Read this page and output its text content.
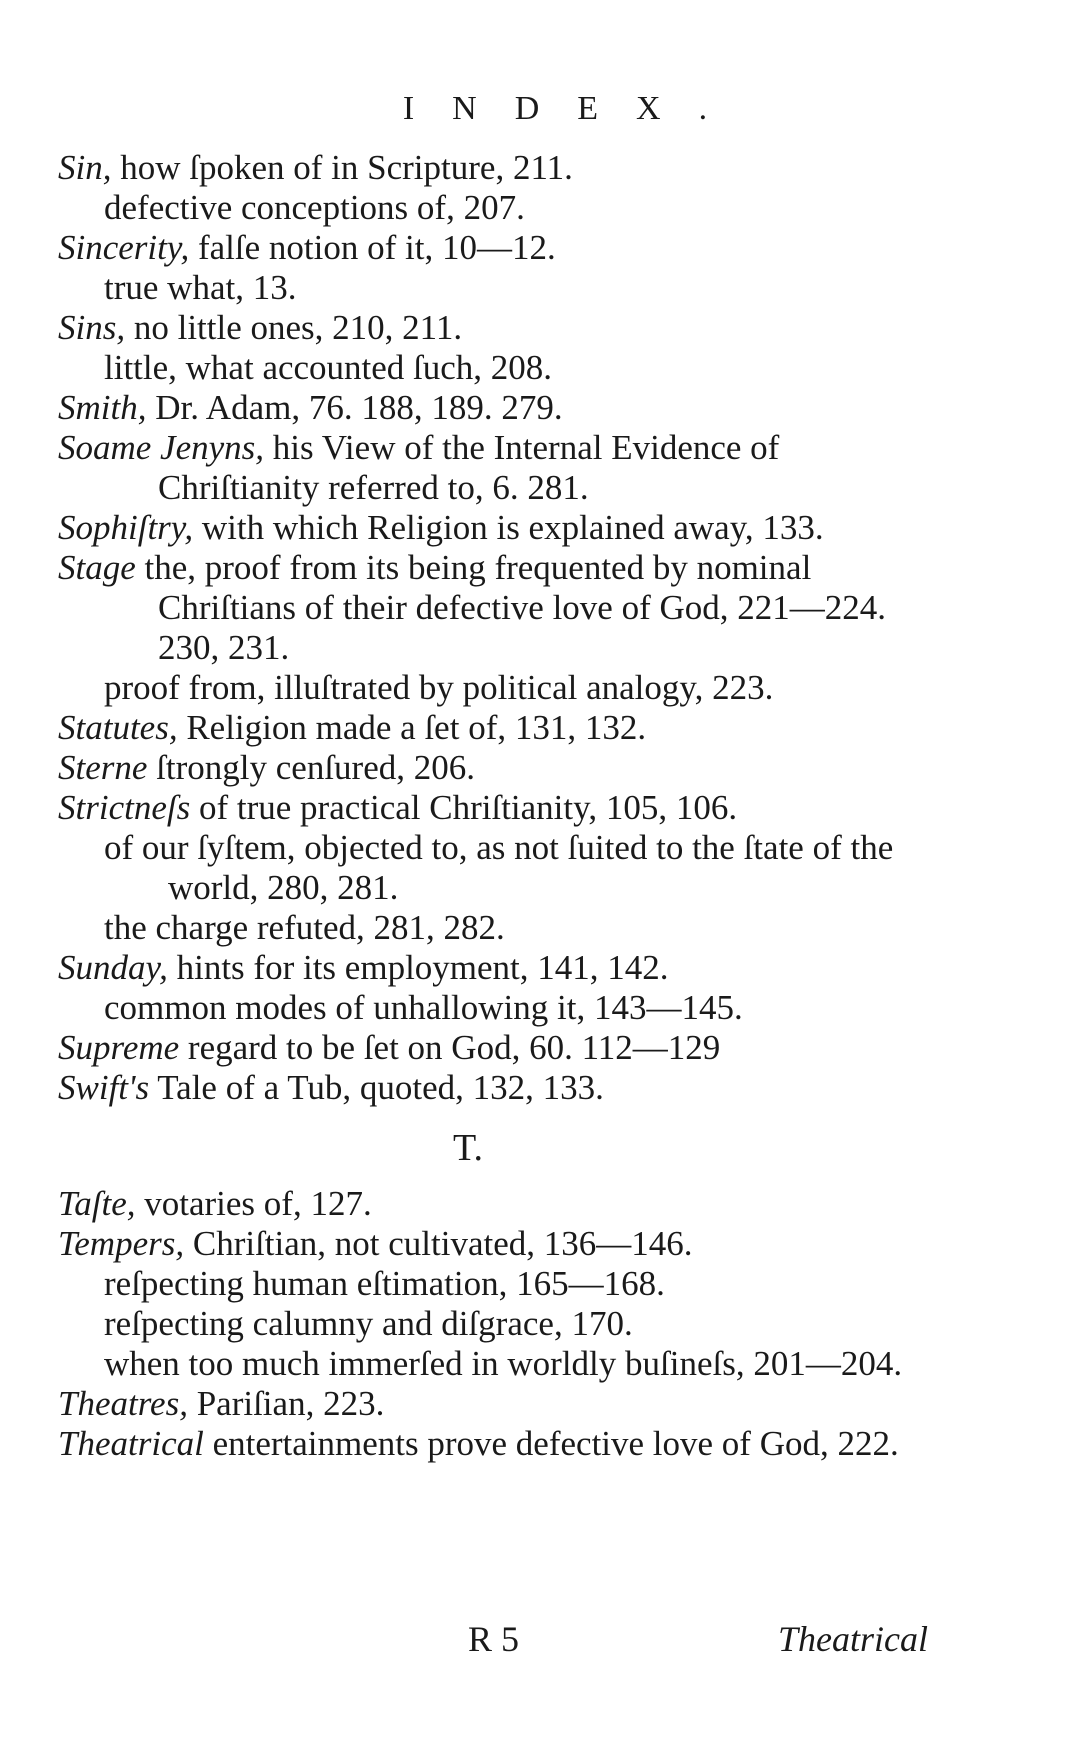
INDEX.

Sin, how ſpoken of in Scripture, 211.

defective conceptions of, 207.

Sincerity, falſe notion of it, 10—12.

true what, 13.

Sins, no little ones, 210, 211.

little, what accounted ſuch, 208.

Smith, Dr. Adam, 76. 188, 189. 279.

Soame Jenyns, his View of the Internal Evidence of Chriſtianity referred to, 6. 281.

Sophiſtry, with which Religion is explained away, 133.

Stage the, proof from its being frequented by nominal Chriſtians of their defective love of God, 221—224. 230, 231.

proof from, illuſtrated by political analogy, 223.

Statutes, Religion made a ſet of, 131, 132.

Sterne ſtrongly cenſured, 206.

Strictneſs of true practical Chriſtianity, 105, 106.

of our ſyſtem, objected to, as not ſuited to the ſtate of the world, 280, 281.

the charge refuted, 281, 282.

Sunday, hints for its employment, 141, 142.

common modes of unhallowing it, 143—145.

Supreme regard to be ſet on God, 60. 112—129

Swift's Tale of a Tub, quoted, 132, 133.

T.

Taſte, votaries of, 127.

Tempers, Chriſtian, not cultivated, 136—146.

reſpecting human eſtimation, 165—168.

reſpecting calumny and diſgrace, 170.

when too much immerſed in worldly buſineſs, 201—204.

Theatres, Pariſian, 223.

Theatrical entertainments prove defective love of God, 222.

R 5	Theatrical
